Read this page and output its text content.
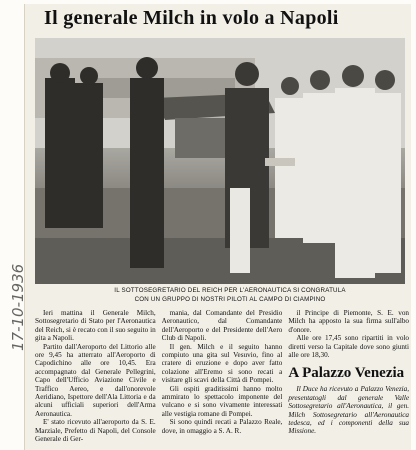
Il generale Milch in volo a Napoli
IL SOTTOSEGRETARIO DEL REICH PER L'AERONAUTICA SI CONGRATULA
CON UN GRUPPO DI NOSTRI PILOTI AL CAMPO DI CIAMPINO
17-10-1936	Ieri mattina il Generale Milch, Sottosegretario di Stato per l'Aeronautica del Reich, si è recato con il suo seguito in gita a Napoli.

Partito dall'Aeroporto del Littorio alle ore 9,45 ha atterrato all'Aeroporto di Capodichino alle ore 10,45. Era accompagnato dal Generale Pellegrini, Capo dell'Ufficio Aviazione Civile e Traffico Aereo, e dall'onorevole Aeridiano, Ispettore dell'Ala Littoria e da alcuni ufficiali superiori dell'Arma Aeronautica.

E' stato ricevuto all'aeroporto da S. E. Marziale, Prefetto di Napoli, del Console Generale di Ger-

mania, dal Comandante del Presidio Aeronautico, dal Comandante dell'Aeroporto e del Presidente dell'Aero Club di Napoli.

Il gen. Milch e il seguito hanno compiuto una gita sul Vesuvio, fino al cratere di eruzione e dopo aver fatto colazione all'Eremo si sono recati a visitare gli scavi della Città di Pompei.

Gli ospiti graditissimi hanno molto ammirato lo spettacolo imponente del vulcano e si sono vivamente interessati alle vestigia romane di Pompei.

Si sono quindi recati a Palazzo Reale, dove, in omaggio a S. A. R.

il Principe di Piemonte, S. E. von Milch ha apposto la sua firma sull'albo d'onore.

Alle ore 17,45 sono ripartiti in volo diretti verso la Capitale dove sono giunti alle ore 18,30.

A Palazzo Venezia

Il Duce ha ricevuto a Palazzo Venezia, presentatogli dal generale Valle Sottosegretario all'Aeronautica, il gen. Milch Sottosegretario all'Aeronautica tedesca, ed i componenti della sua Missione.
